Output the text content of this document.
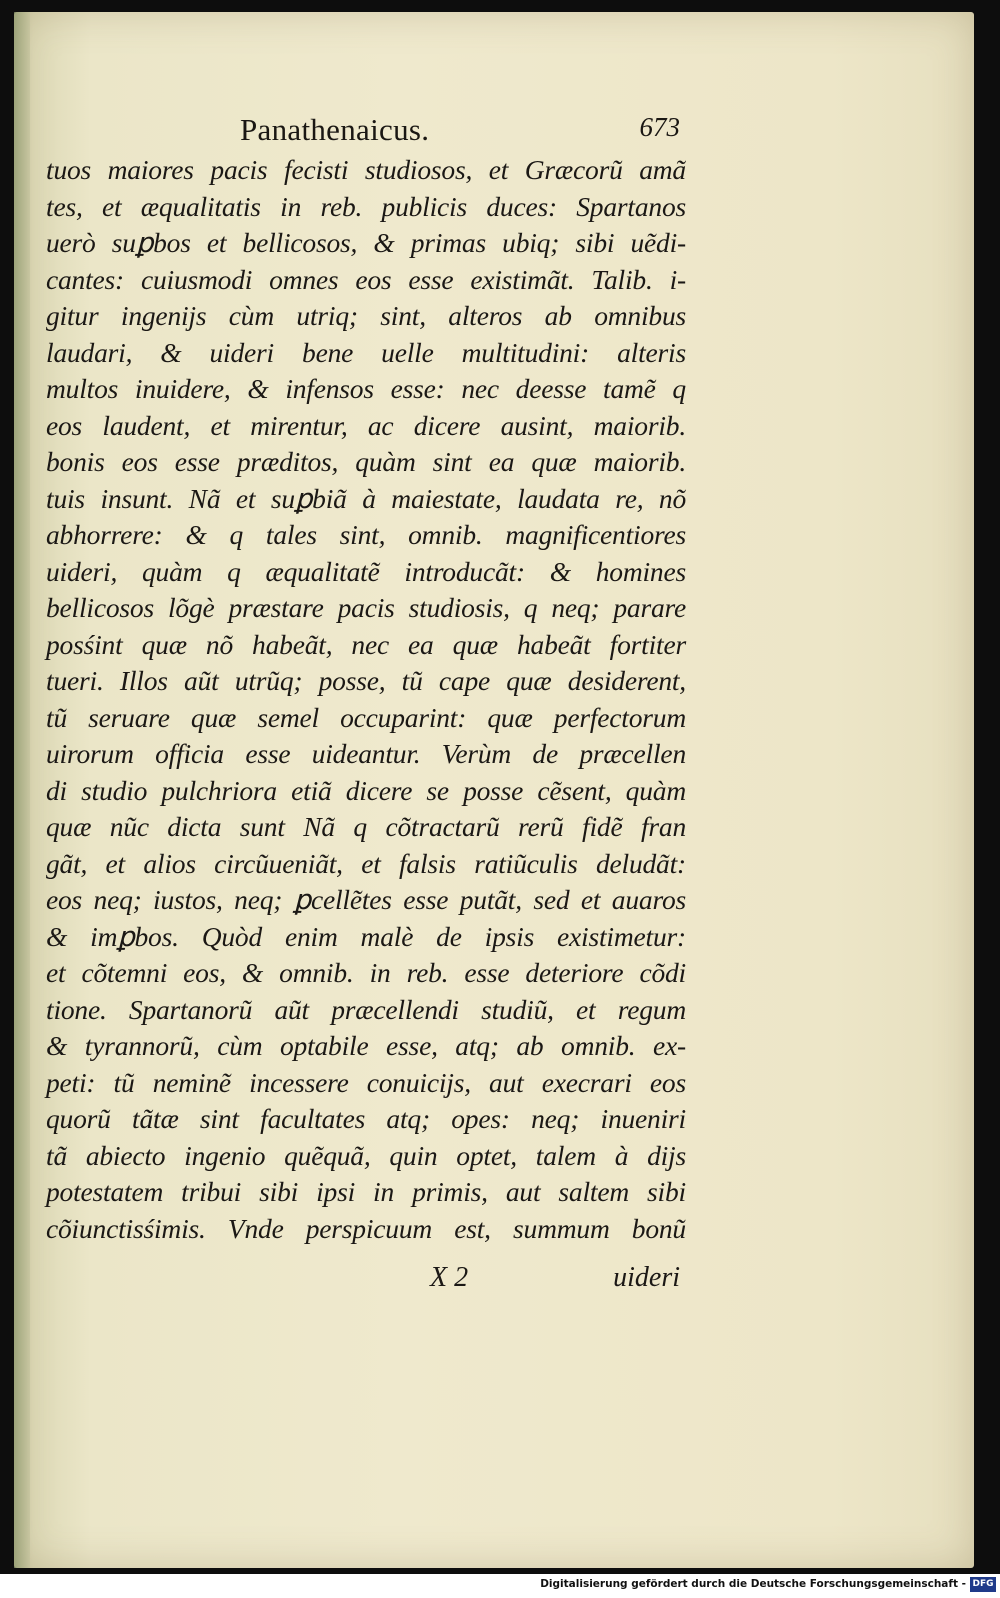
Panathenaicus.	673
tuos maiores pacis fecisti studiosos, et Græcorũ amã
tes, et æqualitatis in reb. publicis duces: Spartanos
uerò suꝑbos et bellicosos, & primas ubiq; sibi uẽdi-
cantes: cuiusmodi omnes eos esse existimãt. Talib. i-
gitur ingenijs cùm utriq; sint, alteros ab omnibus
laudari, & uideri bene uelle multitudini: alteris
multos inuidere, & infensos esse: nec deesse tamẽ q
eos laudent, et mirentur, ac dicere ausint, maiorib.
bonis eos esse præditos, quàm sint ea quæ maiorib.
tuis insunt. Nã et suꝑbiã à maiestate, laudata re, nõ
abhorrere: & q tales sint, omnib. magnificentiores
uideri, quàm q æqualitatẽ introducãt: & homines
bellicosos lõgè præstare pacis studiosis, q neq; parare
posśint quæ nõ habeãt, nec ea quæ habeãt fortiter
tueri. Illos aũt utrũq; posse, tũ cape quæ desiderent,
tũ seruare quæ semel occuparint: quæ perfectorum
uirorum officia esse uideantur. Verùm de præcellen
di studio pulchriora etiã dicere se posse cẽsent, quàm
quæ nũc dicta sunt Nã q cõtractarũ rerũ fidẽ fran
gãt, et alios circũueniãt, et falsis ratiũculis deludãt:
eos neq; iustos, neq; ꝑcellẽtes esse putãt, sed et auaros
& imꝑbos. Quòd enim malè de ipsis existimetur:
et cõtemni eos, & omnib. in reb. esse deteriore cõdi
tione. Spartanorũ aũt præcellendi studiũ, et regum
& tyrannorũ, cùm optabile esse, atq; ab omnib. ex-
peti: tũ neminẽ incessere conuicijs, aut execrari eos
quorũ tãtæ sint facultates atq; opes: neq; inueniri
tã abiecto ingenio quẽquã, quin optet, talem à dijs
potestatem tribui sibi ipsi in primis, aut saltem sibi
cõiunctisśimis. Vnde perspicuum est, summum bonũ
X 2	uideri
Digitalisierung gefördert durch die Deutsche Forschungsgemeinschaft - DFG
